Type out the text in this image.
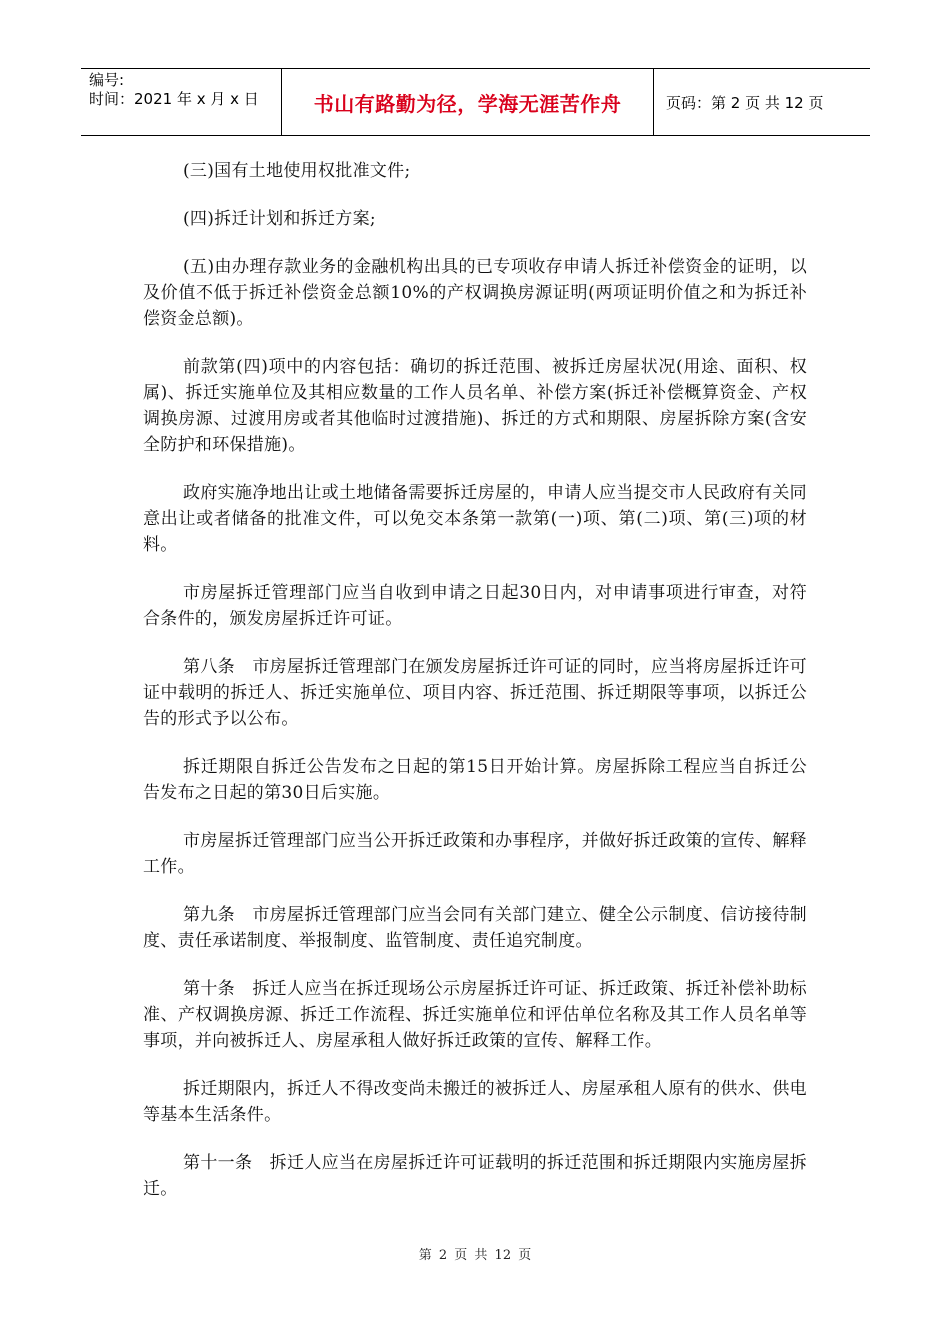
编号:
时间：2021 年 x 月 x 日	书山有路勤为径，学海无涯苦作舟	页码：第 2 页 共 12 页

(三)国有土地使用权批准文件;

(四)拆迁计划和拆迁方案;

(五)由办理存款业务的金融机构出具的已专项收存申请人拆迁补偿资金的证明，以及价值不低于拆迁补偿资金总额10%的产权调换房源证明(两项证明价值之和为拆迁补偿资金总额)。

前款第(四)项中的内容包括：确切的拆迁范围、被拆迁房屋状况(用途、面积、权属)、拆迁实施单位及其相应数量的工作人员名单、补偿方案(拆迁补偿概算资金、产权调换房源、过渡用房或者其他临时过渡措施)、拆迁的方式和期限、房屋拆除方案(含安全防护和环保措施)。

政府实施净地出让或土地储备需要拆迁房屋的，申请人应当提交市人民政府有关同意出让或者储备的批准文件，可以免交本条第一款第(一)项、第(二)项、第(三)项的材料。

市房屋拆迁管理部门应当自收到申请之日起30日内，对申请事项进行审查，对符合条件的，颁发房屋拆迁许可证。

第八条　市房屋拆迁管理部门在颁发房屋拆迁许可证的同时，应当将房屋拆迁许可证中载明的拆迁人、拆迁实施单位、项目内容、拆迁范围、拆迁期限等事项，以拆迁公告的形式予以公布。

拆迁期限自拆迁公告发布之日起的第15日开始计算。房屋拆除工程应当自拆迁公告发布之日起的第30日后实施。

市房屋拆迁管理部门应当公开拆迁政策和办事程序，并做好拆迁政策的宣传、解释工作。

第九条　市房屋拆迁管理部门应当会同有关部门建立、健全公示制度、信访接待制度、责任承诺制度、举报制度、监管制度、责任追究制度。

第十条　拆迁人应当在拆迁现场公示房屋拆迁许可证、拆迁政策、拆迁补偿补助标准、产权调换房源、拆迁工作流程、拆迁实施单位和评估单位名称及其工作人员名单等事项，并向被拆迁人、房屋承租人做好拆迁政策的宣传、解释工作。

拆迁期限内，拆迁人不得改变尚未搬迁的被拆迁人、房屋承租人原有的供水、供电等基本生活条件。

第十一条　拆迁人应当在房屋拆迁许可证载明的拆迁范围和拆迁期限内实施房屋拆迁。

第 2 页 共 12 页
